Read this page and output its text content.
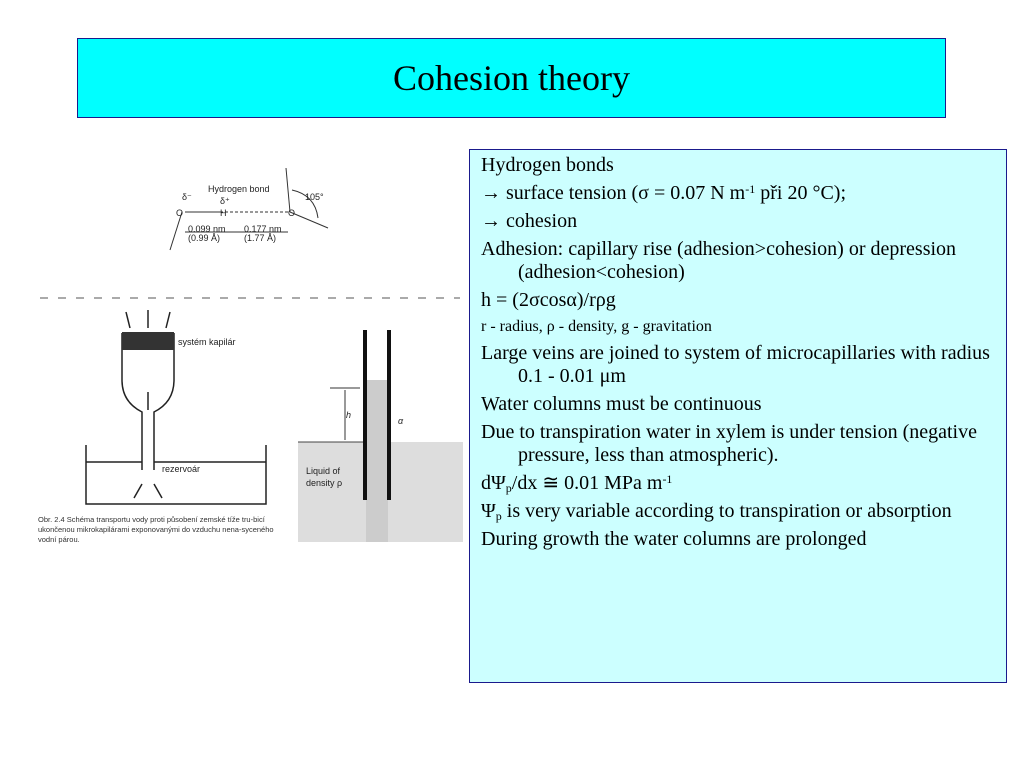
Cohesion theory
Hydrogen bond
O	H	O
δ⁻	δ⁺
0.099 nm
(0.99 Å)
0.177 nm
(1.77 Å)
105°
systém kapilár
rezervoár
h
α
Liquid of
density ρ
Obr. 2.4 Schéma transportu vody proti působení zemské tíže tru-bicí ukončenou mikrokapilárami exponovanými do vzduchu nena-syceného vodní párou.

Hydrogen bonds

→ surface tension (σ = 0.07 N $m^{-1}$ při 20 °C);

→ cohesion

Adhesion: capillary rise (adhesion>cohesion) or depression (adhesion<cohesion)

h = (2σcosα)/rρg

r - radius, ρ - density, g - gravitation

Large veins are joined to system of microcapillaries with radius 0.1 - 0.01 μm

Water columns must be continuous

Due to transpiration water in xylem is under tension (negative pressure, less than atmospheric).

$d\Psi_p/dx$ ≅ 0.01 MPa $m^{-1}$

$\Psi_p$ is very variable according to transpiration or absorption

During growth the water columns are prolonged
